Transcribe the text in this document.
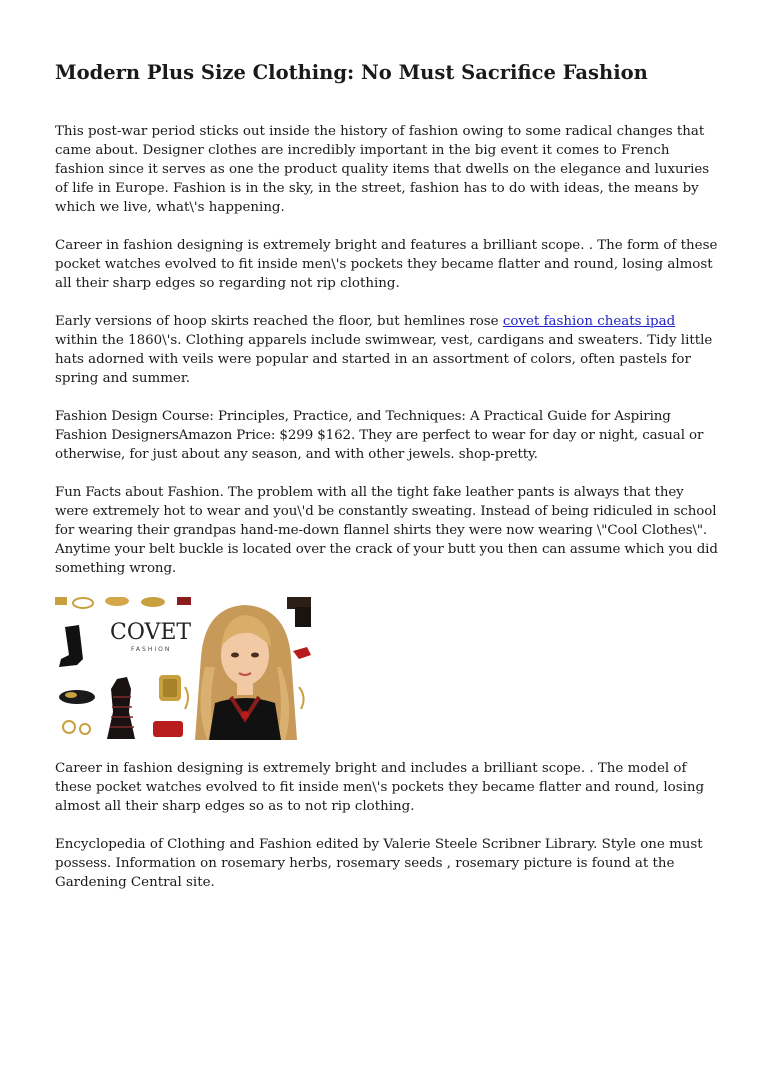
Modern Plus Size Clothing: No Must Sacrifice Fashion

This post-war period sticks out inside the history of fashion owing to some radical changes that came about. Designer clothes are incredibly important in the big event it comes to French fashion since it serves as one the product quality items that dwells on the elegance and luxuries of life in Europe. Fashion is in the sky, in the street, fashion has to do with ideas, the means by which we live, what\'s happening.

Career in fashion designing is extremely bright and features a brilliant scope. . The form of these pocket watches evolved to fit inside men\'s pockets they became flatter and round, losing almost all their sharp edges so regarding not rip clothing.

Early versions of hoop skirts reached the floor, but hemlines rose covet fashion cheats ipad within the 1860\'s. Clothing apparels include swimwear, vest, cardigans and sweaters. Tidy little hats adorned with veils were popular and started in an assortment of colors, often pastels for spring and summer.

Fashion Design Course: Principles, Practice, and Techniques: A Practical Guide for Aspiring Fashion DesignersAmazon Price: $299 $162. They are perfect to wear for day or night, casual or otherwise, for just about any season, and with other jewels. shop-pretty.

Fun Facts about Fashion. The problem with all the tight fake leather pants is always that they were extremely hot to wear and you\'d be constantly sweating. Instead of being ridiculed in school for wearing their grandpas hand-me-down flannel shirts they were now wearing \"Cool Clothes\". Anytime your belt buckle is located over the crack of your butt you then can assume which you did something wrong.

COVET
FASHION

Career in fashion designing is extremely bright and includes a brilliant scope. . The model of these pocket watches evolved to fit inside men\'s pockets they became flatter and round, losing almost all their sharp edges so as to not rip clothing.

Encyclopedia of Clothing and Fashion edited by Valerie Steele Scribner Library. Style one must possess. Information on rosemary herbs, rosemary seeds , rosemary picture is found at the Gardening Central site.
